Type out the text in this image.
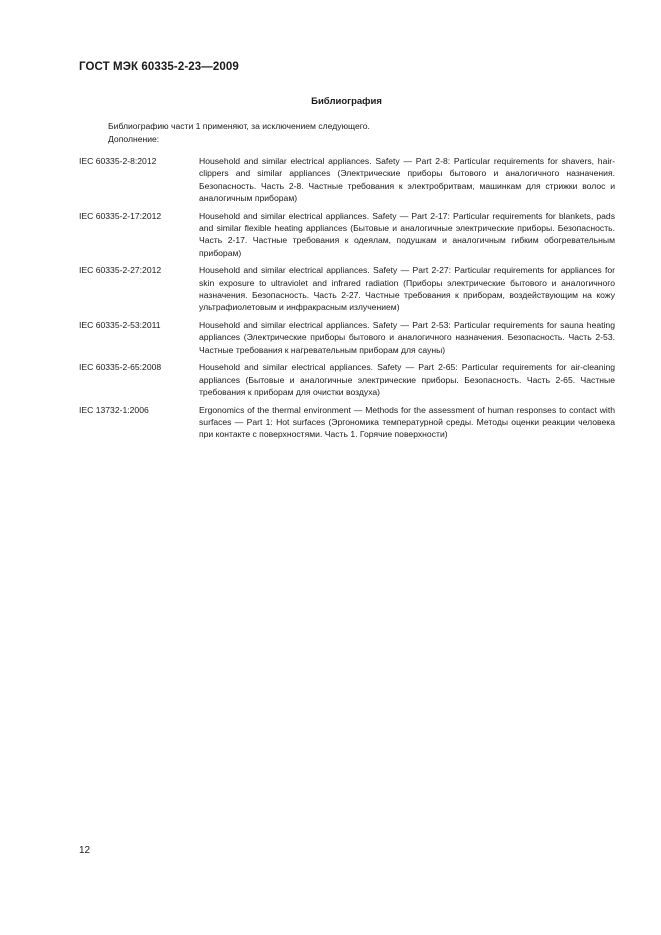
ГОСТ МЭК 60335-2-23—2009
Библиография
Библиографию части 1 применяют, за исключением следующего.
Дополнение:
IEC 60335-2-8:2012	Household and similar electrical appliances. Safety — Part 2-8: Particular requirements for shavers, hair-clippers and similar appliances (Электрические приборы бытового и аналогичного назначения. Безопасность. Часть 2-8. Частные требования к электробритвам, машинкам для стрижки волос и аналогичным приборам)
IEC 60335-2-17:2012	Household and similar electrical appliances. Safety — Part 2-17: Particular requirements for blankets, pads and similar flexible heating appliances (Бытовые и аналогичные электрические приборы. Безопасность. Часть 2-17. Частные требования к одеялам, подушкам и аналогичным гибким обогревательным приборам)
IEC 60335-2-27:2012	Household and similar electrical appliances. Safety — Part 2-27: Particular requirements for appliances for skin exposure to ultraviolet and infrared radiation (Приборы электрические бытового и аналогичного назначения. Безопасность. Часть 2-27. Частные требования к приборам, воздействующим на кожу ультрафиолетовым и инфракрасным излучением)
IEC 60335-2-53:2011	Household and similar electrical appliances. Safety — Part 2-53: Particular requirements for sauna heating appliances (Электрические приборы бытового и аналогичного назначения. Безопасность. Часть 2-53. Частные требования к нагревательным приборам для сауны)
IEC 60335-2-65:2008	Household and similar electrical appliances. Safety — Part 2-65: Particular requirements for air-cleaning appliances (Бытовые и аналогичные электрические приборы. Безопасность. Часть 2-65. Частные требования к приборам для очистки воздуха)
IEC 13732-1:2006	Ergonomics of the thermal environment — Methods for the assessment of human responses to contact with surfaces — Part 1: Hot surfaces (Эргономика температурной среды. Методы оценки реакции человека при контакте с поверхностями. Часть 1. Горячие поверхности)
12
